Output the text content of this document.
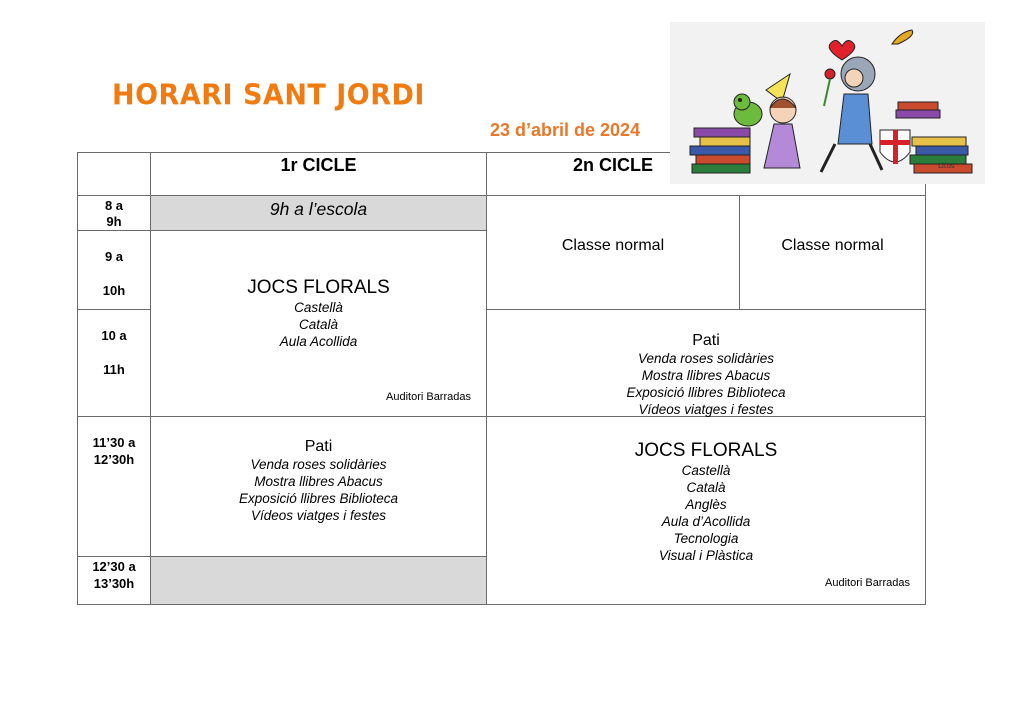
HORARI SANT JORDI
23 d’abril de 2024
1r CICLE	2n CICLE
8 a
9h
9 a
10h
10 a
11h
11’30 a
12’30h
12’30 a
13’30h
9h a l’escola
JOCS FLORALS
Castellà
Català
Aula Acollida
Auditori Barradas
Pati
Venda roses solidàries
Mostra llibres Abacus
Exposició llibres Biblioteca
Vídeos viatges i festes
Classe normal	Classe normal
Pati
Venda roses solidàries
Mostra llibres Abacus
Exposició llibres Biblioteca
Vídeos viatges i festes
JOCS FLORALS
Castellà
Català
Anglès
Aula d’Acollida
Tecnologia
Visual i Plàstica
Auditori Barradas
Litus
